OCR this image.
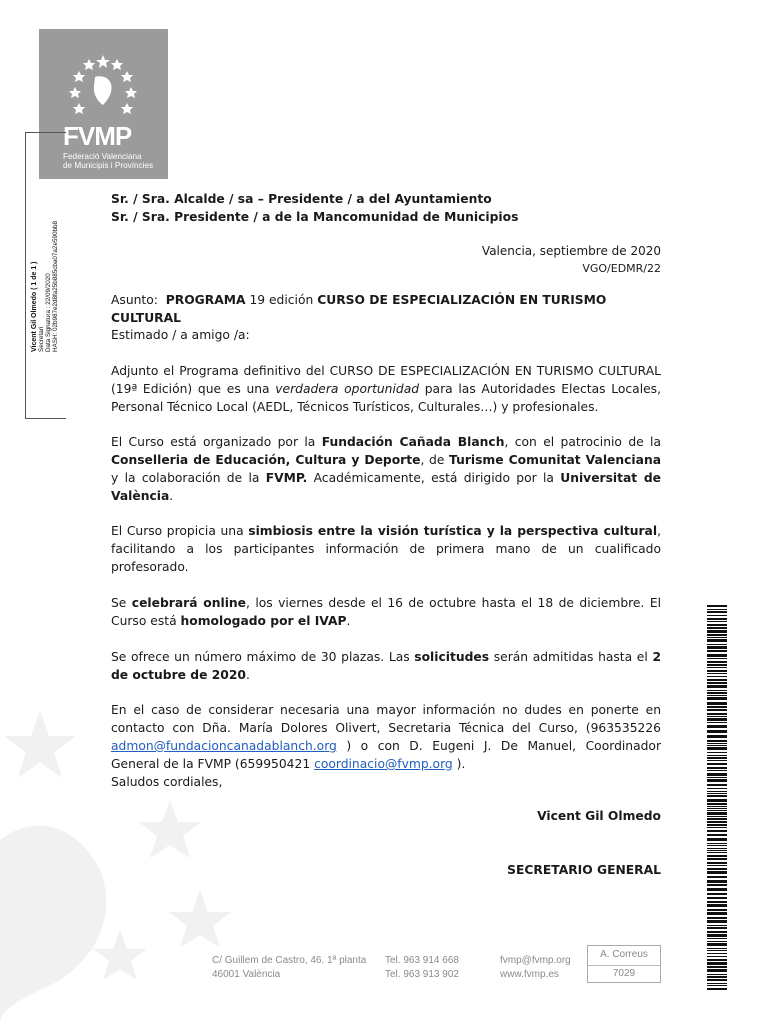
FVMP
Federació Valenciana
de Municipis i Províncies
Vicent Gil Olmedo ( 1 de 1 ) Secretari Data Signatura : 22/09/2020 HASH: 02b987e2d8fa25b885cba07a2e590bb8
Sr. / Sra. Alcalde / sa – Presidente / a del Ayuntamiento
Sr. / Sra. Presidente / a de la Mancomunidad de Municipios
Valencia, septiembre de 2020
VGO/EDMR/22
Asunto: PROGRAMA 19 edición CURSO DE ESPECIALIZACIÓN EN TURISMO CULTURAL
Estimado / a amigo /a:
Adjunto el Programa definitivo del CURSO DE ESPECIALIZACIÓN EN TURISMO CULTURAL (19ª Edición) que es una verdadera oportunidad para las Autoridades Electas Locales, Personal Técnico Local (AEDL, Técnicos Turísticos, Culturales…) y profesionales.
El Curso está organizado por la Fundación Cañada Blanch, con el patrocinio de la Conselleria de Educación, Cultura y Deporte, de Turisme Comunitat Valenciana y la colaboración de la FVMP. Académicamente, está dirigido por la Universitat de València.
El Curso propicia una simbiosis entre la visión turística y la perspectiva cultural, facilitando a los participantes información de primera mano de un cualificado profesorado.
Se celebrará online, los viernes desde el 16 de octubre hasta el 18 de diciembre. El Curso está homologado por el IVAP.
Se ofrece un número máximo de 30 plazas. Las solicitudes serán admitidas hasta el 2 de octubre de 2020.
En el caso de considerar necesaria una mayor información no dudes en ponerte en contacto con Dña. María Dolores Olivert, Secretaria Técnica del Curso, (963535226 admon@fundacioncanadablanch.org ) o con D. Eugeni J. De Manuel, Coordinador General de la FVMP (659950421 coordinacio@fvmp.org ).
Saludos cordiales,
Vicent Gil Olmedo
SECRETARIO GENERAL
C/ Guillem de Castro, 46. 1ª planta
46001 València
Tel. 963 914 668
Tel. 963 913 902
fvmp@fvmp.org
www.fvmp.es
A. Correus
7029
